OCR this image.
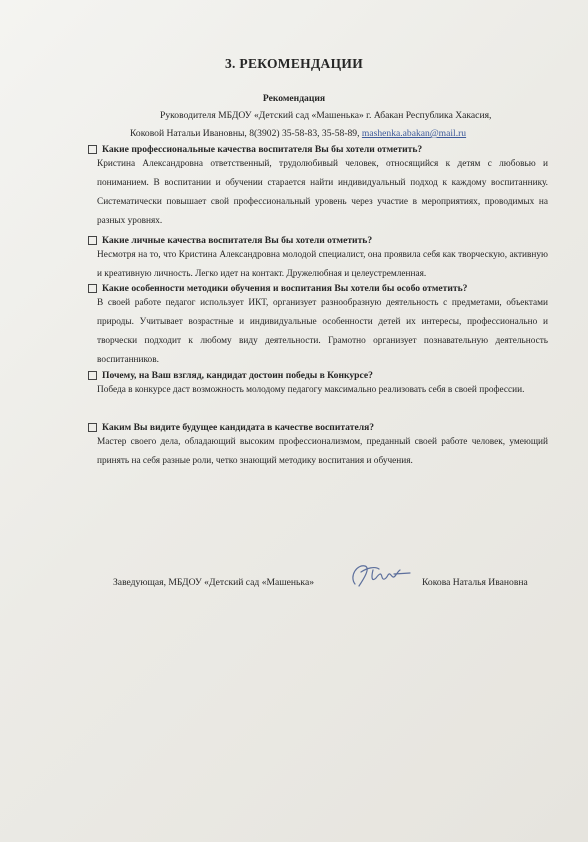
3. РЕКОМЕНДАЦИИ
Рекомендация
Руководителя МБДОУ «Детский сад «Машенька» г. Абакан Республика Хакасия,
Коковой Натальи Ивановны, 8(3902) 35-58-83, 35-58-89, mashenka.abakan@mail.ru
Какие профессиональные качества воспитателя Вы бы хотели отметить?
Кристина Александровна ответственный, трудолюбивый человек, относящийся к детям с любовью и пониманием. В воспитании и обучении старается найти индивидуальный подход к каждому воспитаннику. Систематически повышает свой профессиональный уровень через участие в мероприятиях, проводимых на разных уровнях.
Какие личные качества воспитателя Вы бы хотели отметить?
Несмотря на то, что Кристина Александровна молодой специалист, она проявила себя как творческую, активную и креативную личность. Легко идет на контакт. Дружелюбная и целеустремленная.
Какие особенности методики обучения и воспитания Вы хотели бы особо отметить?
В своей работе педагог использует ИКТ, организует разнообразную деятельность с предметами, объектами природы. Учитывает возрастные и индивидуальные особенности детей их интересы, профессионально и творчески подходит к любому виду деятельности. Грамотно организует познавательную деятельность воспитанников.
Почему, на Ваш взгляд, кандидат достоин победы в Конкурсе?
Победа в конкурсе даст возможность молодому педагогу максимально реализовать себя в своей профессии.
Каким Вы видите будущее кандидата в качестве воспитателя?
Мастер своего дела, обладающий высоким профессионализмом, преданный своей работе человек, умеющий принять на себя разные роли, четко знающий методику воспитания и обучения.
Заведующая, МБДОУ «Детский сад «Машенька»	Кокова Наталья Ивановна
